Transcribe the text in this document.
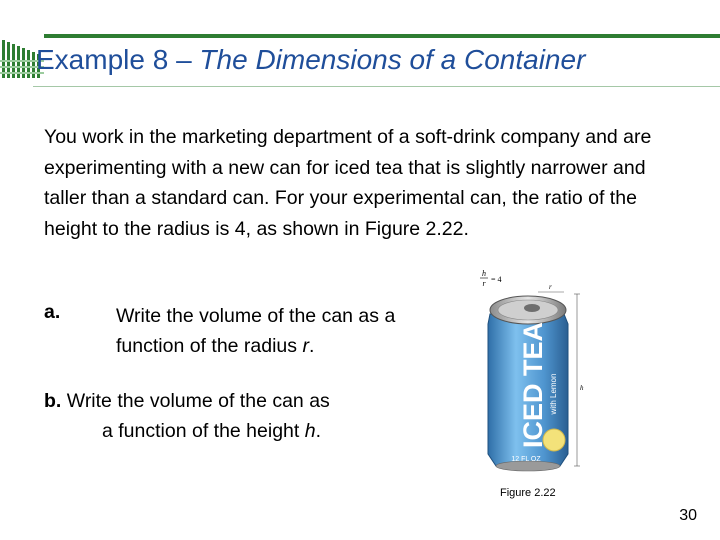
Example 8 – The Dimensions of a Container
You work in the marketing department of a soft-drink company and are experimenting with a new can for iced tea that is slightly narrower and taller than a standard can. For your experimental can, the ratio of the height to the radius is 4, as shown in Figure 2.22.
a.	Write the volume of the can as a function of the radius r.
b. Write the volume of the can as
a function of the height h.
h
r = 4
r
h
ICED TEA with Lemon
12 FL OZ
Figure 2.22
30
